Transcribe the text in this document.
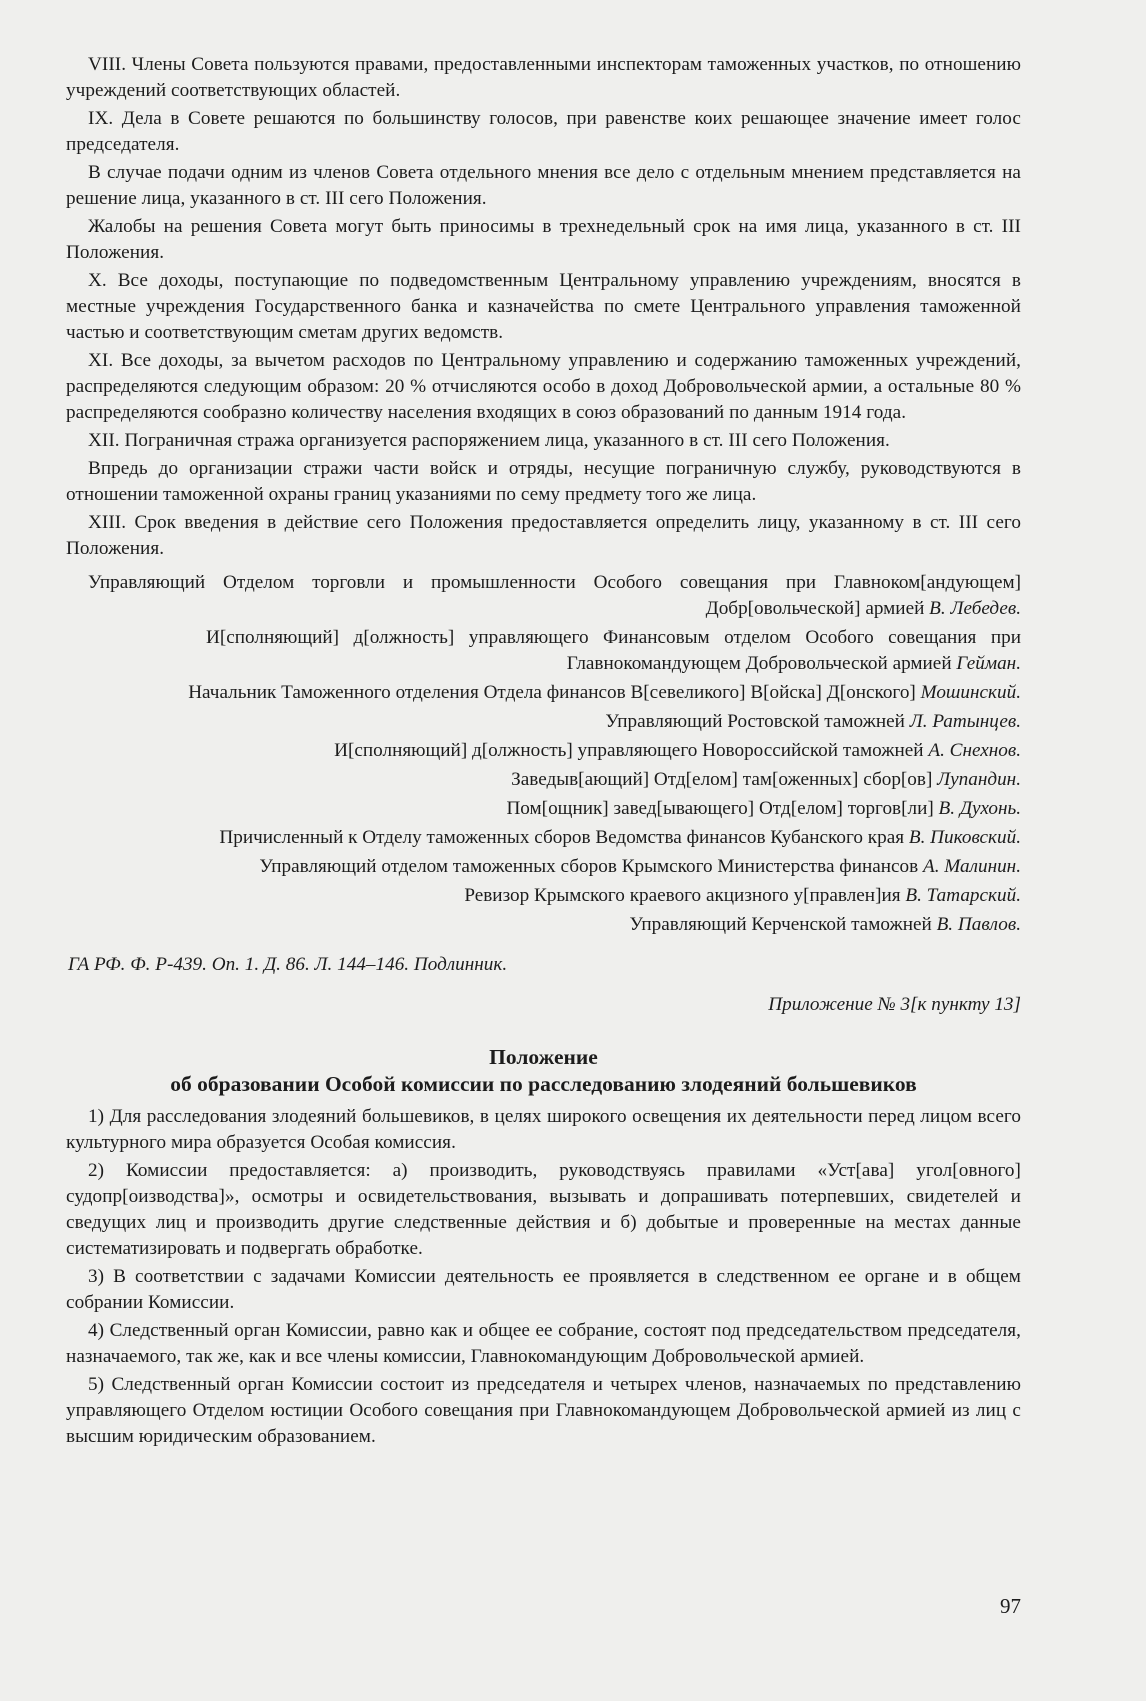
VIII. Члены Совета пользуются правами, предоставленными инспекторам таможенных участков, по отношению учреждений соответствующих областей.

IX. Дела в Совете решаются по большинству голосов, при равенстве коих решающее значение имеет голос председателя.

В случае подачи одним из членов Совета отдельного мнения все дело с отдельным мнением представляется на решение лица, указанного в ст. III сего Положения.

Жалобы на решения Совета могут быть приносимы в трехнедельный срок на имя лица, указанного в ст. III Положения.

X. Все доходы, поступающие по подведомственным Центральному управлению учреждениям, вносятся в местные учреждения Государственного банка и казначейства по смете Центрального управления таможенной частью и соответствующим сметам других ведомств.

XI. Все доходы, за вычетом расходов по Центральному управлению и содержанию таможенных учреждений, распределяются следующим образом: 20 % отчисляются особо в доход Добровольческой армии, а остальные 80 % распределяются сообразно количеству населения входящих в союз образований по данным 1914 года.

XII. Пограничная стража организуется распоряжением лица, указанного в ст. III сего Положения.

Впредь до организации стражи части войск и отряды, несущие пограничную службу, руководствуются в отношении таможенной охраны границ указаниями по сему предмету того же лица.

XIII. Срок введения в действие сего Положения предоставляется определить лицу, указанному в ст. III сего Положения.

Управляющий Отделом торговли и промышленности Особого совещания при Главноком[андующем] Добр[овольческой] армией В. Лебедев.
И[сполняющий] д[олжность] управляющего Финансовым отделом Особого совещания при Главнокомандующем Добровольческой армией Гейман.
Начальник Таможенного отделения Отдела финансов В[севеликого] В[ойска] Д[онского] Мошинский.
Управляющий Ростовской таможней Л. Ратынцев.
И[сполняющий] д[олжность] управляющего Новороссийской таможней А. Снехнов.
Заведыв[ающий] Отд[елом] там[оженных] сбор[ов] Лупандин.
Пом[ощник] завед[ывающего] Отд[елом] торгов[ли] В. Духонь.
Причисленный к Отделу таможенных сборов Ведомства финансов Кубанского края В. Пиковский.
Управляющий отделом таможенных сборов Крымского Министерства финансов А. Малинин.
Ревизор Крымского краевого акцизного у[правлен]ия В. Татарский.
Управляющий Керченской таможней В. Павлов.
ГА РФ. Ф. Р-439. Оп. 1. Д. 86. Л. 144–146. Подлинник.
Приложение № 3[к пункту 13]
Положение
об образовании Особой комиссии по расследованию злодеяний большевиков

1) Для расследования злодеяний большевиков, в целях широкого освещения их деятельности перед лицом всего культурного мира образуется Особая комиссия.

2) Комиссии предоставляется: а) производить, руководствуясь правилами «Уст[ава] угол[овного] судопр[оизводства]», осмотры и освидетельствования, вызывать и допрашивать потерпевших, свидетелей и сведущих лиц и производить другие следственные действия и б) добытые и проверенные на местах данные систематизировать и подвергать обработке.

3) В соответствии с задачами Комиссии деятельность ее проявляется в следственном ее органе и в общем собрании Комиссии.

4) Следственный орган Комиссии, равно как и общее ее собрание, состоят под председательством председателя, назначаемого, так же, как и все члены комиссии, Главнокомандующим Добровольческой армией.

5) Следственный орган Комиссии состоит из председателя и четырех членов, назначаемых по представлению управляющего Отделом юстиции Особого совещания при Главнокомандующем Добровольческой армией из лиц с высшим юридическим образованием.

97
